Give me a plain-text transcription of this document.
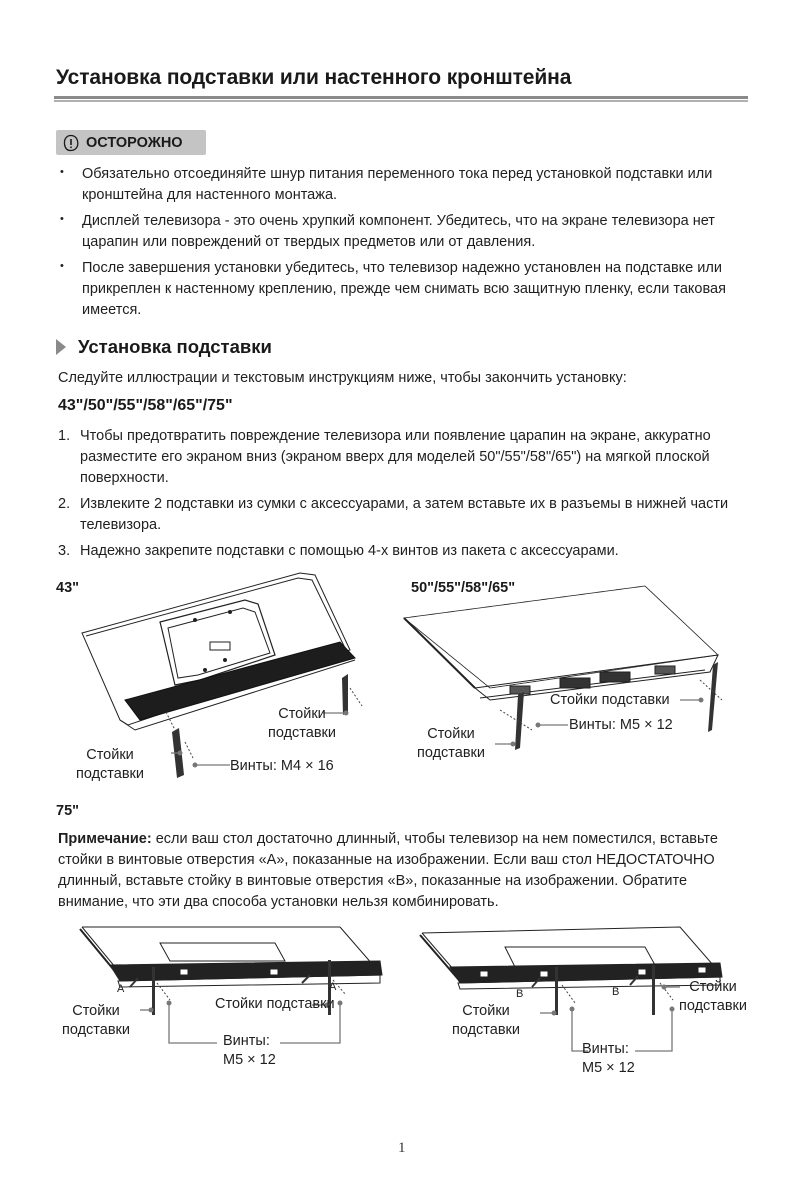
Установка подставки или настенного кронштейна
ОСТОРОЖНО
• Обязательно отсоединяйте шнур питания переменного тока перед установкой подставки или кронштейна для настенного монтажа.
• Дисплей телевизора - это очень хрупкий компонент. Убедитесь, что на экране телевизора нет царапин или повреждений от твердых предметов или от давления.
• После завершения установки убедитесь, что телевизор надежно установлен на подставке или прикреплен к настенному креплению, прежде чем снимать всю защитную пленку, если таковая имеется.
Установка подставки
Следуйте иллюстрации и текстовым инструкциям ниже, чтобы закончить установку:
43"/50"/55"/58"/65"/75"
1. Чтобы предотвратить повреждение телевизора или появление царапин на экране, аккуратно разместите его экраном вниз (экраном вверх для моделей 50"/55"/58"/65") на мягкой плоской поверхности.
2. Извлеките 2 подставки из сумки с аксессуарами, а затем вставьте их в разъемы в нижней части телевизора.
3. Надежно закрепите подставки с помощью 4-х винтов из пакета с аксессуарами.
43"
Стойки
подставки
Стойки
подставки	Винты: M4 × 16
50"/55"/58"/65"
Стойки подставки
Винты: M5 × 12
Стойки
подставки
75"
Примечание: если ваш стол достаточно длинный, чтобы телевизор на нем поместился, вставьте стойки в винтовые отверстия «A», показанные на изображении. Если ваш стол НЕДОСТАТОЧНО длинный, вставьте стойку в винтовые отверстия «B», показанные на изображении. Обратите внимание, что эти два способа установки нельзя комбинировать.
A	A
Стойки
подставки
Стойки подставки
Винты:
M5 × 12
B	B
Стойки
подставки
Стойки
подставки
Винты:
M5 × 12
1
